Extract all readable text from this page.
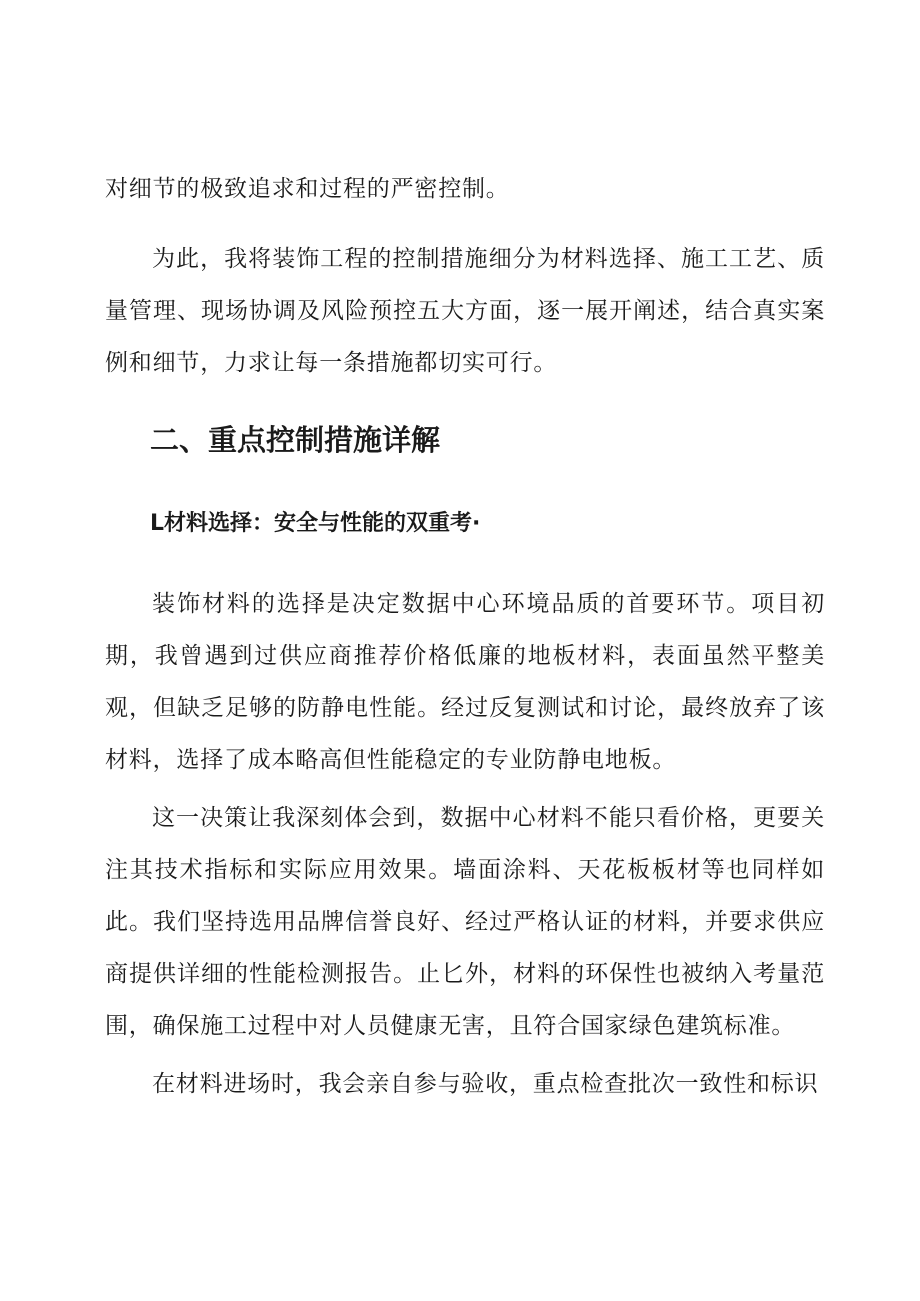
对细节的极致追求和过程的严密控制。

为此，我将装饰工程的控制措施细分为材料选择、施工工艺、质量管理、现场协调及风险预控五大方面，逐一展开阐述，结合真实案例和细节，力求让每一条措施都切实可行。

二、重点控制措施详解
L材料选择：安全与性能的双重考·

装饰材料的选择是决定数据中心环境品质的首要环节。项目初期，我曾遇到过供应商推荐价格低廉的地板材料，表面虽然平整美观，但缺乏足够的防静电性能。经过反复测试和讨论，最终放弃了该材料，选择了成本略高但性能稳定的专业防静电地板。

这一决策让我深刻体会到，数据中心材料不能只看价格，更要关注其技术指标和实际应用效果。墙面涂料、天花板板材等也同样如此。我们坚持选用品牌信誉良好、经过严格认证的材料，并要求供应商提供详细的性能检测报告。止匕外，材料的环保性也被纳入考量范围，确保施工过程中对人员健康无害，且符合国家绿色建筑标准。

在材料进场时，我会亲自参与验收，重点检查批次一致性和标识
